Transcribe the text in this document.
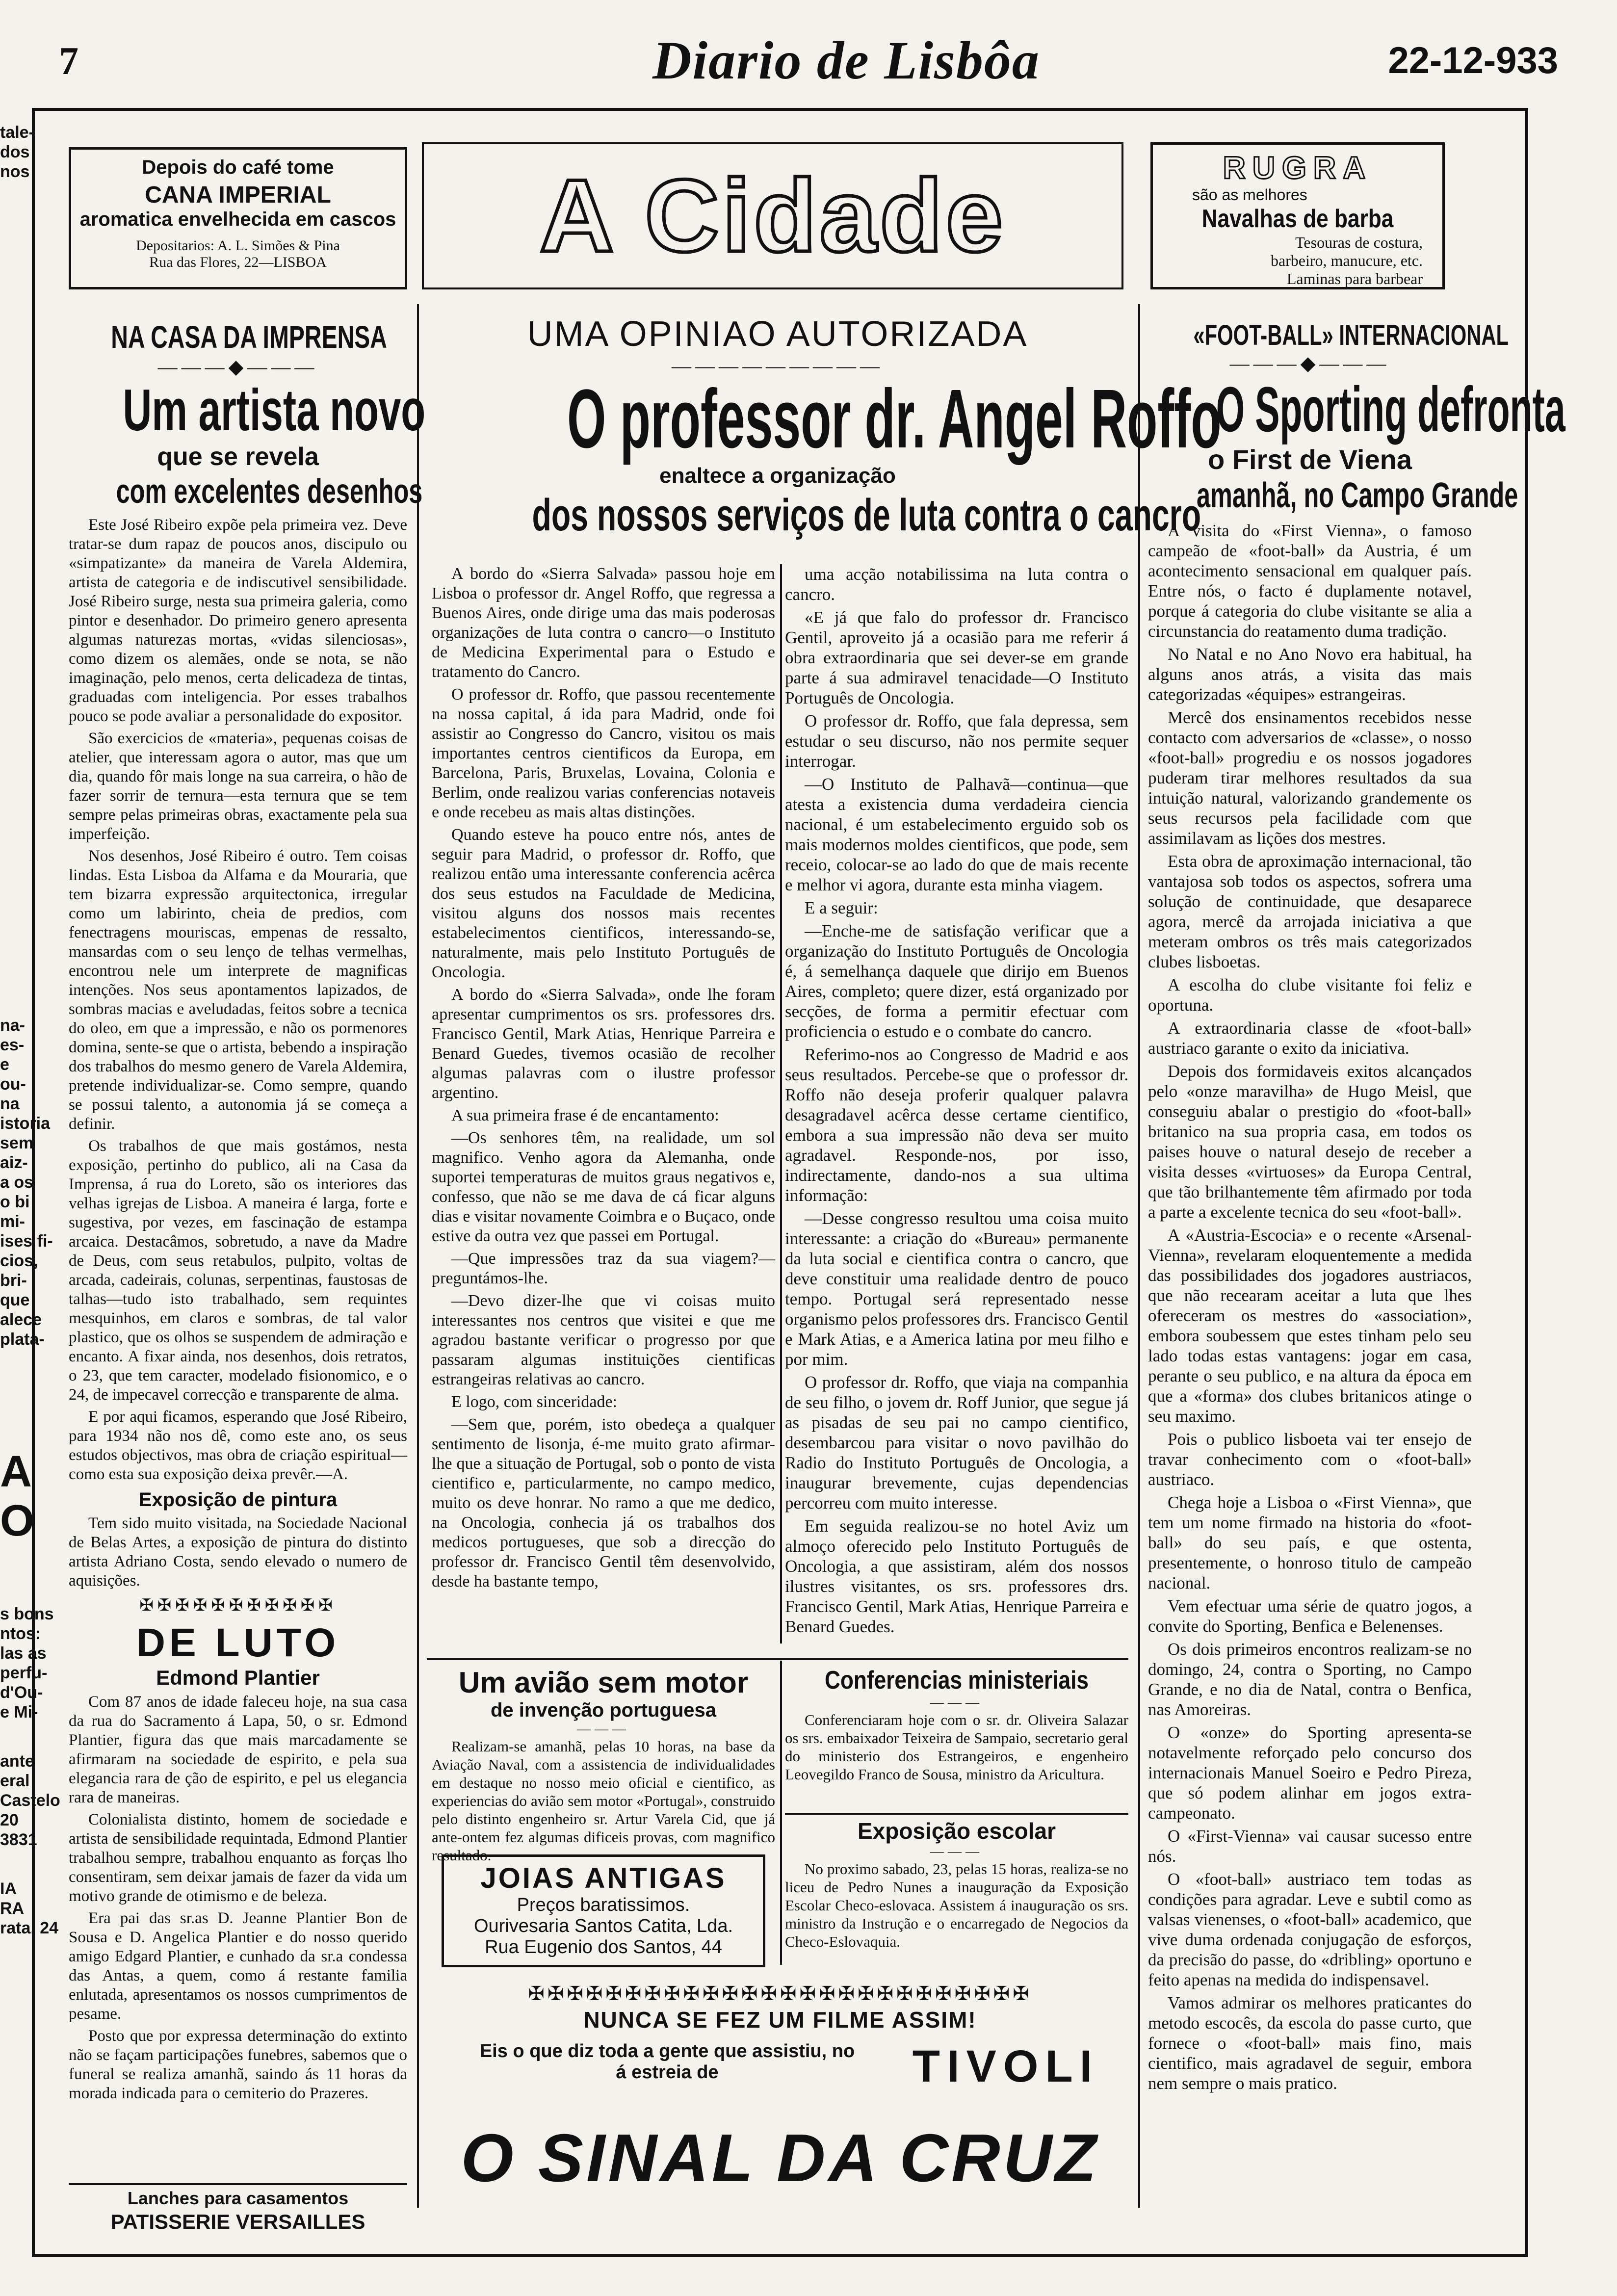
7	Diario de Lisbôa	22-12-933
tale-
dos
nos
na-
es-
e
ou-
na
istoria
sem
aiz-
a os
o bi
mi-
ises fi-
cios,
bri-
que
alece
plata-
A
O
s bons
ntos:
las as
perfu-
d'Ou-
e Mi-
ante
eral
Castelo
20
3831
IA
RA
rata, 24
Depois do café tome
CANA IMPERIAL
aromatica envelhecida em cascos
Depositarios: A. L. Simões & Pina
Rua das Flores, 22—LISBOA	A Cidade	RUGRA
são as melhores
Navalhas de barba
Tesouras de costura,
barbeiro, manucure, etc.
Laminas para barbear
NA CASA DA IMPRENSA
―――◆―――
Um artista novo
que se revela
com excelentes desenhos

Este José Ribeiro expõe pela primeira vez. Deve tratar-se dum rapaz de poucos anos, discipulo ou «simpatizante» da maneira de Varela Aldemira, artista de categoria e de indiscutivel sensibilidade. José Ribeiro surge, nesta sua primeira galeria, como pintor e desenhador. Do primeiro genero apresenta algumas naturezas mortas, «vidas silenciosas», como dizem os alemães, onde se nota, se não imaginação, pelo menos, certa delicadeza de tintas, graduadas com inteligencia. Por esses trabalhos pouco se pode avaliar a personalidade do expositor.

São exercicios de «materia», pequenas coisas de atelier, que interessam agora o autor, mas que um dia, quando fôr mais longe na sua carreira, o hão de fazer sorrir de ternura—esta ternura que se tem sempre pelas primeiras obras, exactamente pela sua imperfeição.

Nos desenhos, José Ribeiro é outro. Tem coisas lindas. Esta Lisboa da Alfama e da Mouraria, que tem bizarra expressão arquitectonica, irregular como um labirinto, cheia de predios, com fenectragens mouriscas, empenas de ressalto, mansardas com o seu lenço de telhas vermelhas, encontrou nele um interprete de magnificas intenções. Nos seus apontamentos lapizados, de sombras macias e aveludadas, feitos sobre a tecnica do oleo, em que a impressão, e não os pormenores domina, sente-se que o artista, bebendo a inspiração dos trabalhos do mesmo genero de Varela Aldemira, pretende individualizar-se. Como sempre, quando se possui talento, a autonomia já se começa a definir.

Os trabalhos de que mais gostámos, nesta exposição, pertinho do publico, ali na Casa da Imprensa, á rua do Loreto, são os interiores das velhas igrejas de Lisboa. A maneira é larga, forte e sugestiva, por vezes, em fascinação de estampa arcaica. Destacâmos, sobretudo, a nave da Madre de Deus, com seus retabulos, pulpito, voltas de arcada, cadeirais, colunas, serpentinas, faustosas de talhas—tudo isto trabalhado, sem requintes mesquinhos, em claros e sombras, de tal valor plastico, que os olhos se suspendem de admiração e encanto. A fixar ainda, nos desenhos, dois retratos, o 23, que tem caracter, modelado fisionomico, e o 24, de impecavel correcção e transparente de alma.

E por aqui ficamos, esperando que José Ribeiro, para 1934 não nos dê, como este ano, os seus estudos objectivos, mas obra de criação espiritual—como esta sua exposição deixa prevêr.—A.

Exposição de pintura

Tem sido muito visitada, na Sociedade Nacional de Belas Artes, a exposição de pintura do distinto artista Adriano Costa, sendo elevado o numero de aquisições.

✠✠✠✠✠✠✠✠✠✠✠
DE LUTO
Edmond Plantier

Com 87 anos de idade faleceu hoje, na sua casa da rua do Sacramento á Lapa, 50, o sr. Edmond Plantier, figura das que mais marcadamente se afirmaram na sociedade de espirito, e pela sua elegancia rara de ção de espirito, e pel us elegancia rara de maneiras.

Colonialista distinto, homem de sociedade e artista de sensibilidade requintada, Edmond Plantier trabalhou sempre, trabalhou enquanto as forças lho consentiram, sem deixar jamais de fazer da vida um motivo grande de otimismo e de beleza.

Era pai das sr.as D. Jeanne Plantier Bon de Sousa e D. Angelica Plantier e do nosso querido amigo Edgard Plantier, e cunhado da sr.a condessa das Antas, a quem, como á restante familia enlutada, apresentamos os nossos cumprimentos de pesame.

Posto que por expressa determinação do extinto não se façam participações funebres, sabemos que o funeral se realiza amanhã, saindo ás 11 horas da morada indicada para o cemiterio do Prazeres.

Lanches para casamentos
PATISSERIE VERSAILLES
UMA OPINIAO AUTORIZADA
―――――――――
O professor dr. Angel Roffo
enaltece a organização
dos nossos serviços de luta contra o cancro

A bordo do «Sierra Salvada» passou hoje em Lisboa o professor dr. Angel Roffo, que regressa a Buenos Aires, onde dirige uma das mais poderosas organizações de luta contra o cancro—o Instituto de Medicina Experimental para o Estudo e tratamento do Cancro.

O professor dr. Roffo, que passou recentemente na nossa capital, á ida para Madrid, onde foi assistir ao Congresso do Cancro, visitou os mais importantes centros cientificos da Europa, em Barcelona, Paris, Bruxelas, Lovaina, Colonia e Berlim, onde realizou varias conferencias notaveis e onde recebeu as mais altas distinções.

Quando esteve ha pouco entre nós, antes de seguir para Madrid, o professor dr. Roffo, que realizou então uma interessante conferencia acêrca dos seus estudos na Faculdade de Medicina, visitou alguns dos nossos mais recentes estabelecimentos cientificos, interessando-se, naturalmente, mais pelo Instituto Português de Oncologia.

A bordo do «Sierra Salvada», onde lhe foram apresentar cumprimentos os srs. professores drs. Francisco Gentil, Mark Atias, Henrique Parreira e Benard Guedes, tivemos ocasião de recolher algumas palavras com o ilustre professor argentino.

A sua primeira frase é de encantamento:

—Os senhores têm, na realidade, um sol magnifico. Venho agora da Alemanha, onde suportei temperaturas de muitos graus negativos e, confesso, que não se me dava de cá ficar alguns dias e visitar novamente Coimbra e o Buçaco, onde estive da outra vez que passei em Portugal.

—Que impressões traz da sua viagem?—preguntámos-lhe.

—Devo dizer-lhe que vi coisas muito interessantes nos centros que visitei e que me agradou bastante verificar o progresso por que passaram algumas instituições cientificas estrangeiras relativas ao cancro.

E logo, com sinceridade:

—Sem que, porém, isto obedeça a qualquer sentimento de lisonja, é-me muito grato afirmar-lhe que a situação de Portugal, sob o ponto de vista cientifico e, particularmente, no campo medico, muito os deve honrar. No ramo a que me dedico, na Oncologia, conhecia já os trabalhos dos medicos portugueses, que sob a direcção do professor dr. Francisco Gentil têm desenvolvido, desde ha bastante tempo,

uma acção notabilissima na luta contra o cancro.

«E já que falo do professor dr. Francisco Gentil, aproveito já a ocasião para me referir á obra extraordinaria que sei dever-se em grande parte á sua admiravel tenacidade—O Instituto Português de Oncologia.

O professor dr. Roffo, que fala depressa, sem estudar o seu discurso, não nos permite sequer interrogar.

—O Instituto de Palhavã—continua—que atesta a existencia duma verdadeira ciencia nacional, é um estabelecimento erguido sob os mais modernos moldes cientificos, que pode, sem receio, colocar-se ao lado do que de mais recente e melhor vi agora, durante esta minha viagem.

E a seguir:

—Enche-me de satisfação verificar que a organização do Instituto Português de Oncologia é, á semelhança daquele que dirijo em Buenos Aires, completo; quere dizer, está organizado por secções, de forma a permitir efectuar com proficiencia o estudo e o combate do cancro.

Referimo-nos ao Congresso de Madrid e aos seus resultados. Percebe-se que o professor dr. Roffo não deseja proferir qualquer palavra desagradavel acêrca desse certame cientifico, embora a sua impressão não deva ser muito agradavel. Responde-nos, por isso, indirectamente, dando-nos a sua ultima informação:

—Desse congresso resultou uma coisa muito interessante: a criação do «Bureau» permanente da luta social e cientifica contra o cancro, que deve constituir uma realidade dentro de pouco tempo. Portugal será representado nesse organismo pelos professores drs. Francisco Gentil e Mark Atias, e a America latina por meu filho e por mim.

O professor dr. Roffo, que viaja na companhia de seu filho, o jovem dr. Roff Junior, que segue já as pisadas de seu pai no campo cientifico, desembarcou para visitar o novo pavilhão do Radio do Instituto Português de Oncologia, a inaugurar brevemente, cujas dependencias percorreu com muito interesse.

Em seguida realizou-se no hotel Aviz um almoço oferecido pelo Instituto Português de Oncologia, a que assistiram, além dos nossos ilustres visitantes, os srs. professores drs. Francisco Gentil, Mark Atias, Henrique Parreira e Benard Guedes.

Um avião sem motor
de invenção portuguesa
―――

Realizam-se amanhã, pelas 10 horas, na base da Aviação Naval, com a assistencia de individualidades em destaque no nosso meio oficial e cientifico, as experiencias do avião sem motor «Portugal», construido pelo distinto engenheiro sr. Artur Varela Cid, que já ante-ontem fez algumas dificeis provas, com magnifico resultado.

JOIAS ANTIGAS
Preços baratissimos.
Ourivesaria Santos Catita, Lda.
Rua Eugenio dos Santos, 44
Conferencias ministeriais
―――

Conferenciaram hoje com o sr. dr. Oliveira Salazar os srs. embaixador Teixeira de Sampaio, secretario geral do ministerio dos Estrangeiros, e engenheiro Leovegildo Franco de Sousa, ministro da Aricultura.

Exposição escolar
―――

No proximo sabado, 23, pelas 15 horas, realiza-se no liceu de Pedro Nunes a inauguração da Exposição Escolar Checo-eslovaca. Assistem á inauguração os srs. ministro da Instrução e o encarregado de Negocios da Checo-Eslovaquia.

✠✠✠✠✠✠✠✠✠✠✠✠✠✠✠✠✠✠✠✠✠✠✠✠✠✠
NUNCA SE FEZ UM FILME ASSIM!
Eis o que diz toda a gente que assistiu, no
á estreia de	TIVOLI
O SINAL DA CRUZ
«FOOT-BALL» INTERNACIONAL
―――◆―――
O Sporting defronta
o First de Viena
amanhã, no Campo Grande

A visita do «First Vienna», o famoso campeão de «foot-ball» da Austria, é um acontecimento sensacional em qualquer país. Entre nós, o facto é duplamente notavel, porque á categoria do clube visitante se alia a circunstancia do reatamento duma tradição.

No Natal e no Ano Novo era habitual, ha alguns anos atrás, a visita das mais categorizadas «équipes» estrangeiras.

Mercê dos ensinamentos recebidos nesse contacto com adversarios de «classe», o nosso «foot-ball» progrediu e os nossos jogadores puderam tirar melhores resultados da sua intuição natural, valorizando grandemente os seus recursos pela facilidade com que assimilavam as lições dos mestres.

Esta obra de aproximação internacional, tão vantajosa sob todos os aspectos, sofrera uma solução de continuidade, que desaparece agora, mercê da arrojada iniciativa a que meteram ombros os três mais categorizados clubes lisboetas.

A escolha do clube visitante foi feliz e oportuna.

A extraordinaria classe de «foot-ball» austriaco garante o exito da iniciativa.

Depois dos formidaveis exitos alcançados pelo «onze maravilha» de Hugo Meisl, que conseguiu abalar o prestigio do «foot-ball» britanico na sua propria casa, em todos os paises houve o natural desejo de receber a visita desses «virtuoses» da Europa Central, que tão brilhantemente têm afirmado por toda a parte a excelente tecnica do seu «foot-ball».

A «Austria-Escocia» e o recente «Arsenal-Vienna», revelaram eloquentemente a medida das possibilidades dos jogadores austriacos, que não recearam aceitar a luta que lhes ofereceram os mestres do «association», embora soubessem que estes tinham pelo seu lado todas estas vantagens: jogar em casa, perante o seu publico, e na altura da época em que a «forma» dos clubes britanicos atinge o seu maximo.

Pois o publico lisboeta vai ter ensejo de travar conhecimento com o «foot-ball» austriaco.

Chega hoje a Lisboa o «First Vienna», que tem um nome firmado na historia do «foot-ball» do seu país, e que ostenta, presentemente, o honroso titulo de campeão nacional.

Vem efectuar uma série de quatro jogos, a convite do Sporting, Benfica e Belenenses.

Os dois primeiros encontros realizam-se no domingo, 24, contra o Sporting, no Campo Grande, e no dia de Natal, contra o Benfica, nas Amoreiras.

O «onze» do Sporting apresenta-se notavelmente reforçado pelo concurso dos internacionais Manuel Soeiro e Pedro Pireza, que só podem alinhar em jogos extra-campeonato.

O «First-Vienna» vai causar sucesso entre nós.

O «foot-ball» austriaco tem todas as condições para agradar. Leve e subtil como as valsas vienenses, o «foot-ball» academico, que vive duma ordenada conjugação de esforços, da precisão do passe, do «dribling» oportuno e feito apenas na medida do indispensavel.

Vamos admirar os melhores praticantes do metodo escocês, da escola do passe curto, que fornece o «foot-ball» mais fino, mais cientifico, mais agradavel de seguir, embora nem sempre o mais pratico.
